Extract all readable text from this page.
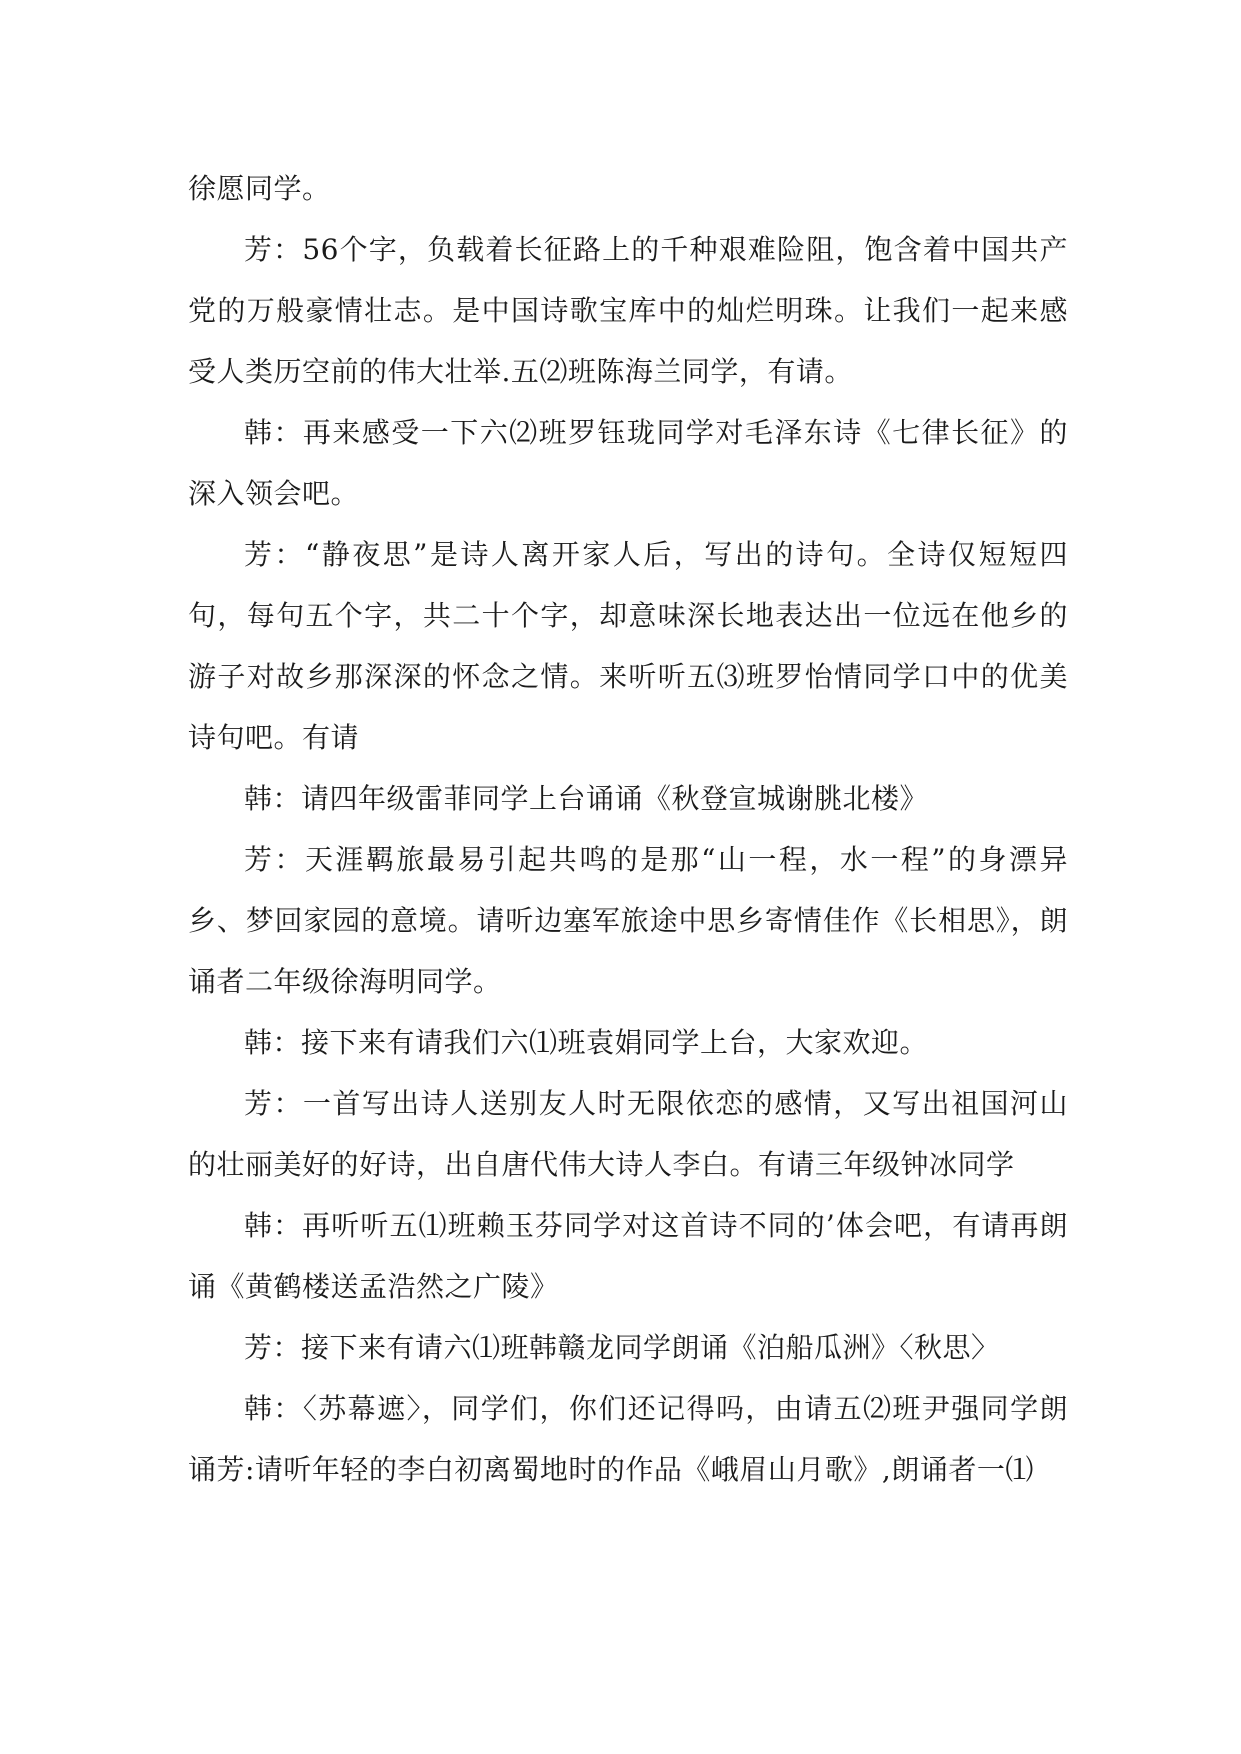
徐愿同学。

芳：56个字，负载着长征路上的千种艰难险阻，饱含着中国共产党的万般豪情壮志。是中国诗歌宝库中的灿烂明珠。让我们一起来感受人类历空前的伟大壮举.五⑵班陈海兰同学，有请。

韩：再来感受一下六⑵班罗钰珑同学对毛泽东诗《七律长征》的深入领会吧。

芳：“静夜思”是诗人离开家人后，写出的诗句。全诗仅短短四句，每句五个字，共二十个字，却意味深长地表达出一位远在他乡的游子对故乡那深深的怀念之情。来听听五⑶班罗怡情同学口中的优美诗句吧。有请

韩：请四年级雷菲同学上台诵诵《秋登宣城谢朓北楼》

芳：天涯羁旅最易引起共鸣的是那“山一程，水一程”的身漂异乡、梦回家园的意境。请听边塞军旅途中思乡寄情佳作《长相思》，朗诵者二年级徐海明同学。

韩：接下来有请我们六⑴班袁娟同学上台，大家欢迎。

芳：一首写出诗人送别友人时无限依恋的感情，又写出祖国河山的壮丽美好的好诗，出自唐代伟大诗人李白。有请三年级钟冰同学

韩：再听听五⑴班赖玉芬同学对这首诗不同的’体会吧，有请再朗诵《黄鹤楼送孟浩然之广陵》

芳：接下来有请六⑴班韩赣龙同学朗诵《泊船瓜洲》〈秋思〉

韩：〈苏幕遮〉，同学们，你们还记得吗，由请五⑵班尹强同学朗诵芳:请听年轻的李白初离蜀地时的作品《峨眉山月歌》,朗诵者一⑴
